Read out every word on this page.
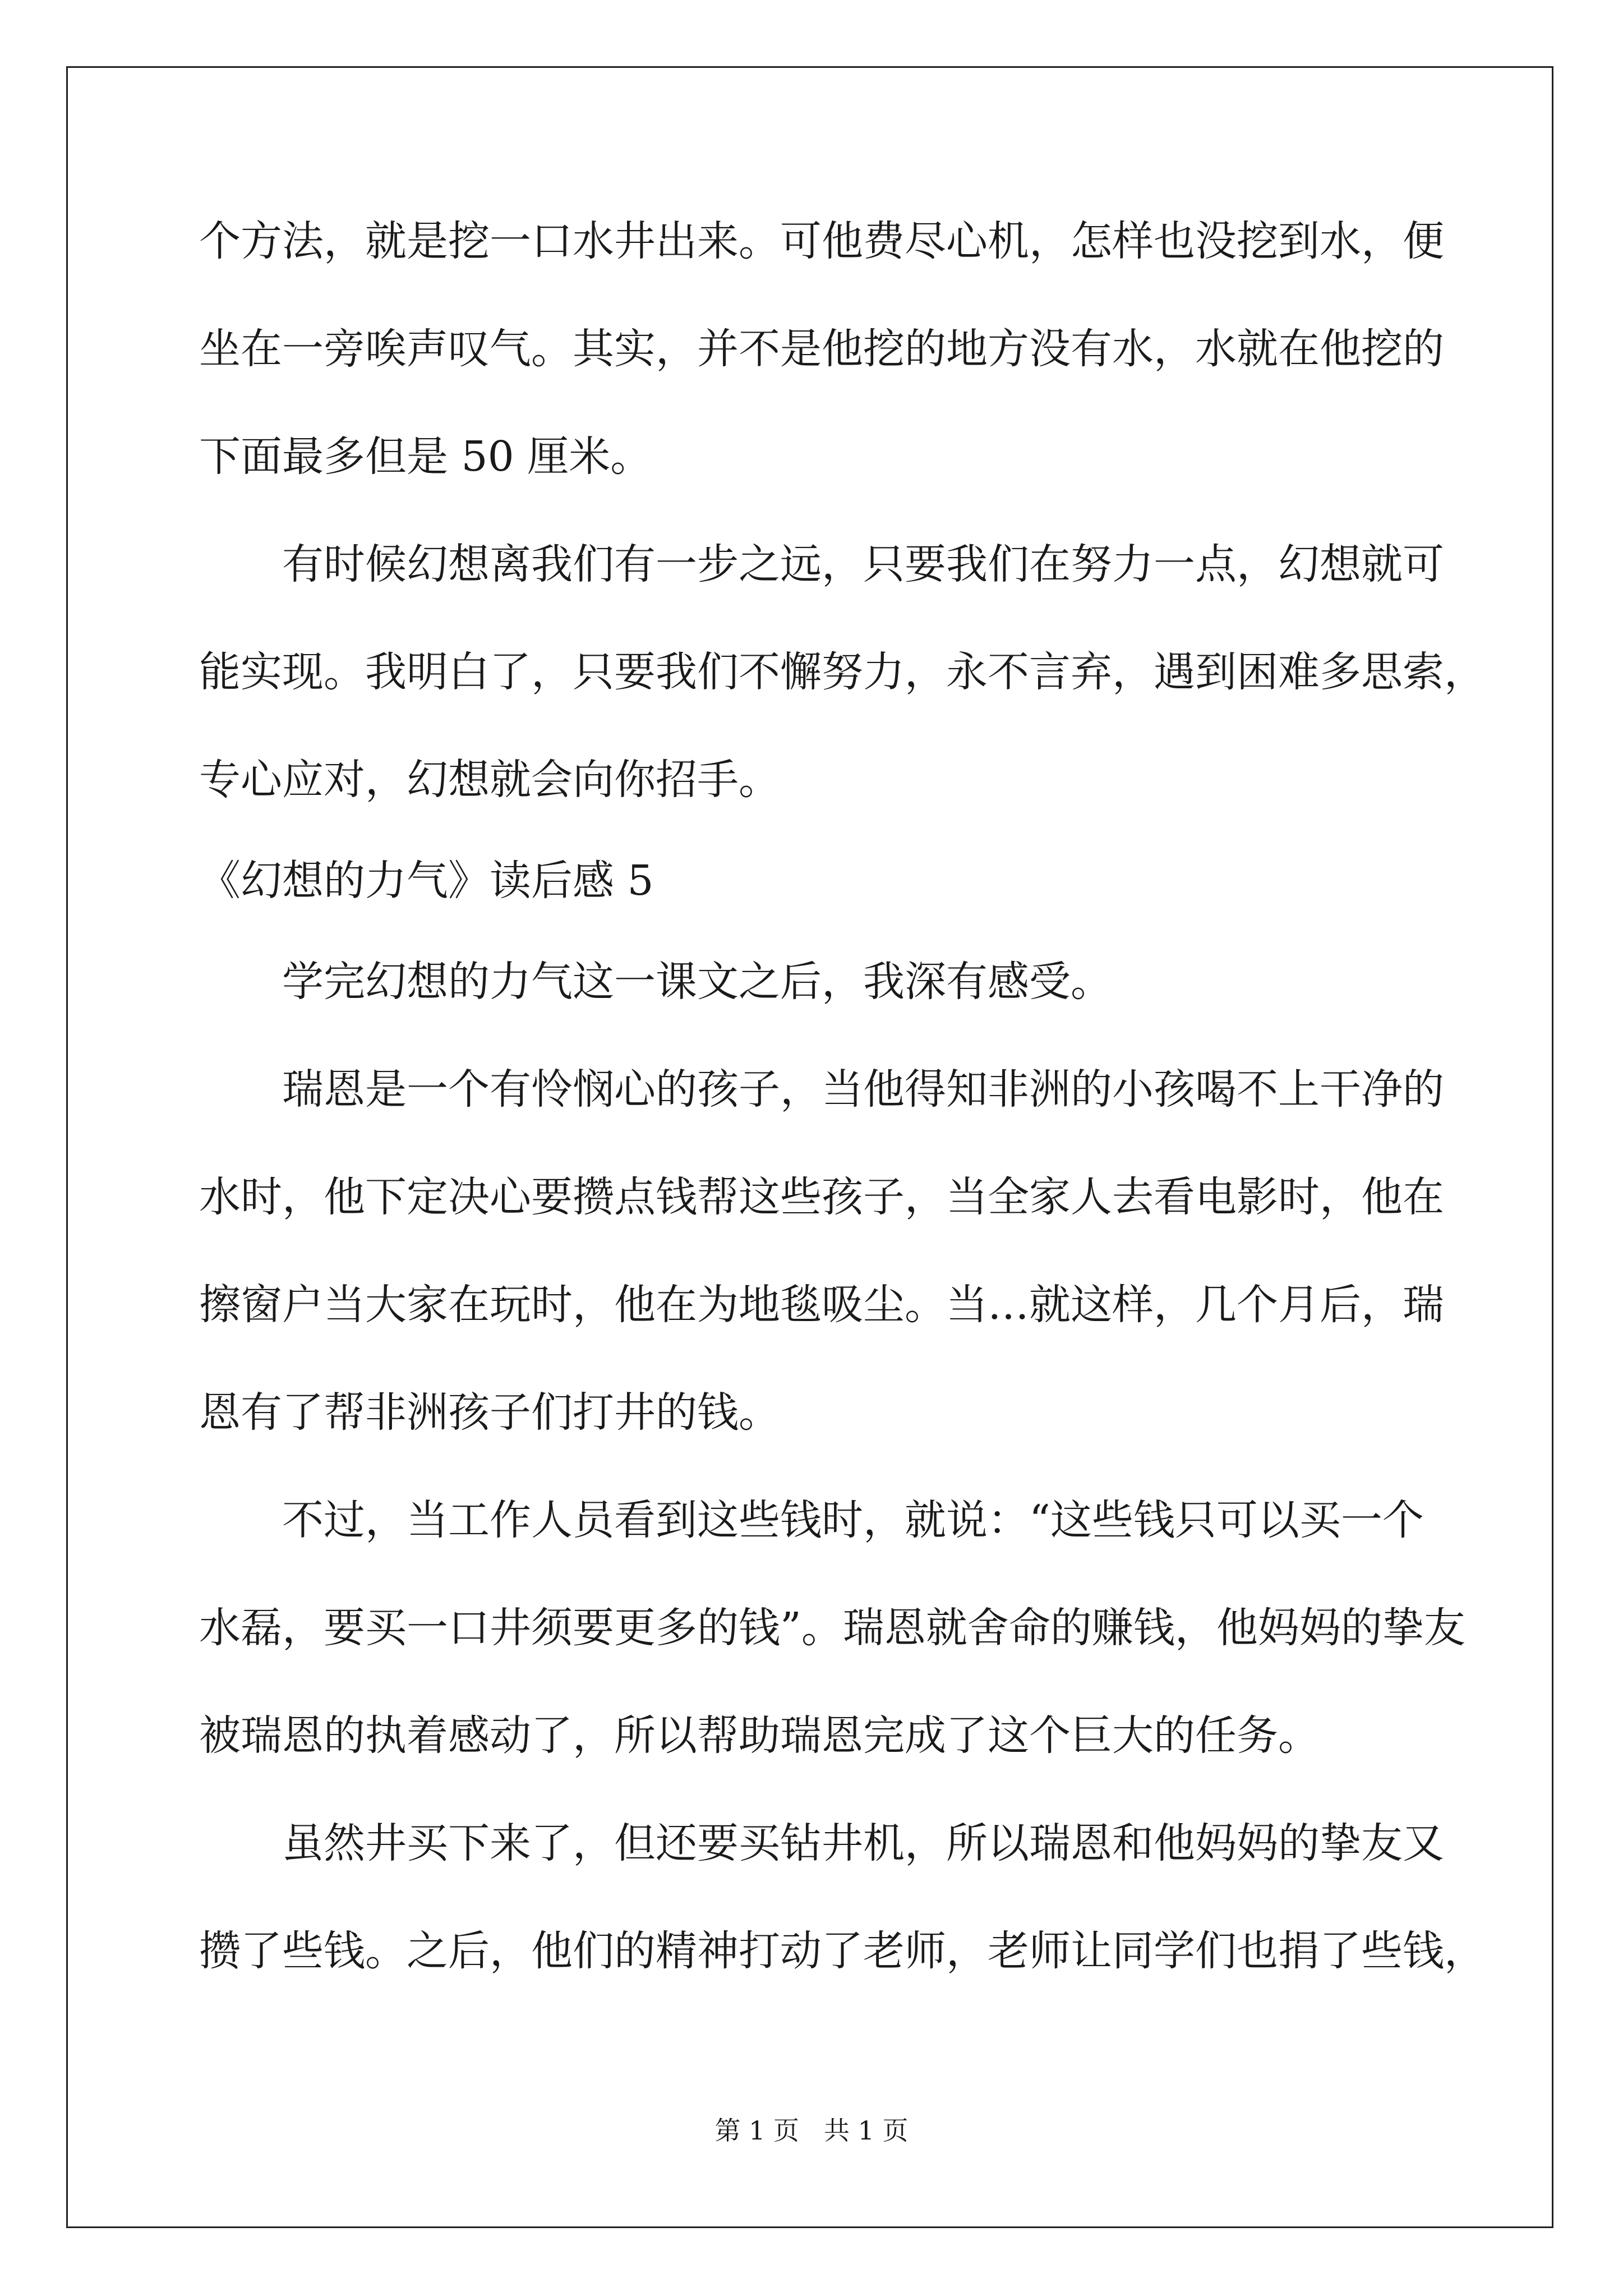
个方法，就是挖一口水井出来。可他费尽心机，怎样也没挖到水，便
坐在一旁唉声叹气。其实，并不是他挖的地方没有水，水就在他挖的
下面最多但是 50 厘米。
有时候幻想离我们有一步之远，只要我们在努力一点，幻想就可
能实现。我明白了，只要我们不懈努力，永不言弃，遇到困难多思索，
专心应对，幻想就会向你招手。
《幻想的力气》读后感 5
学完幻想的力气这一课文之后，我深有感受。
瑞恩是一个有怜悯心的孩子，当他得知非洲的小孩喝不上干净的
水时，他下定决心要攒点钱帮这些孩子，当全家人去看电影时，他在
擦窗户当大家在玩时，他在为地毯吸尘。当…就这样，几个月后，瑞
恩有了帮非洲孩子们打井的钱。
不过，当工作人员看到这些钱时，就说：“这些钱只可以买一个
水磊，要买一口井须要更多的钱”。瑞恩就舍命的赚钱，他妈妈的挚友
被瑞恩的执着感动了，所以帮助瑞恩完成了这个巨大的任务。
虽然井买下来了，但还要买钻井机，所以瑞恩和他妈妈的挚友又
攒了些钱。之后，他们的精神打动了老师，老师让同学们也捐了些钱，
第 1 页 共 1 页
